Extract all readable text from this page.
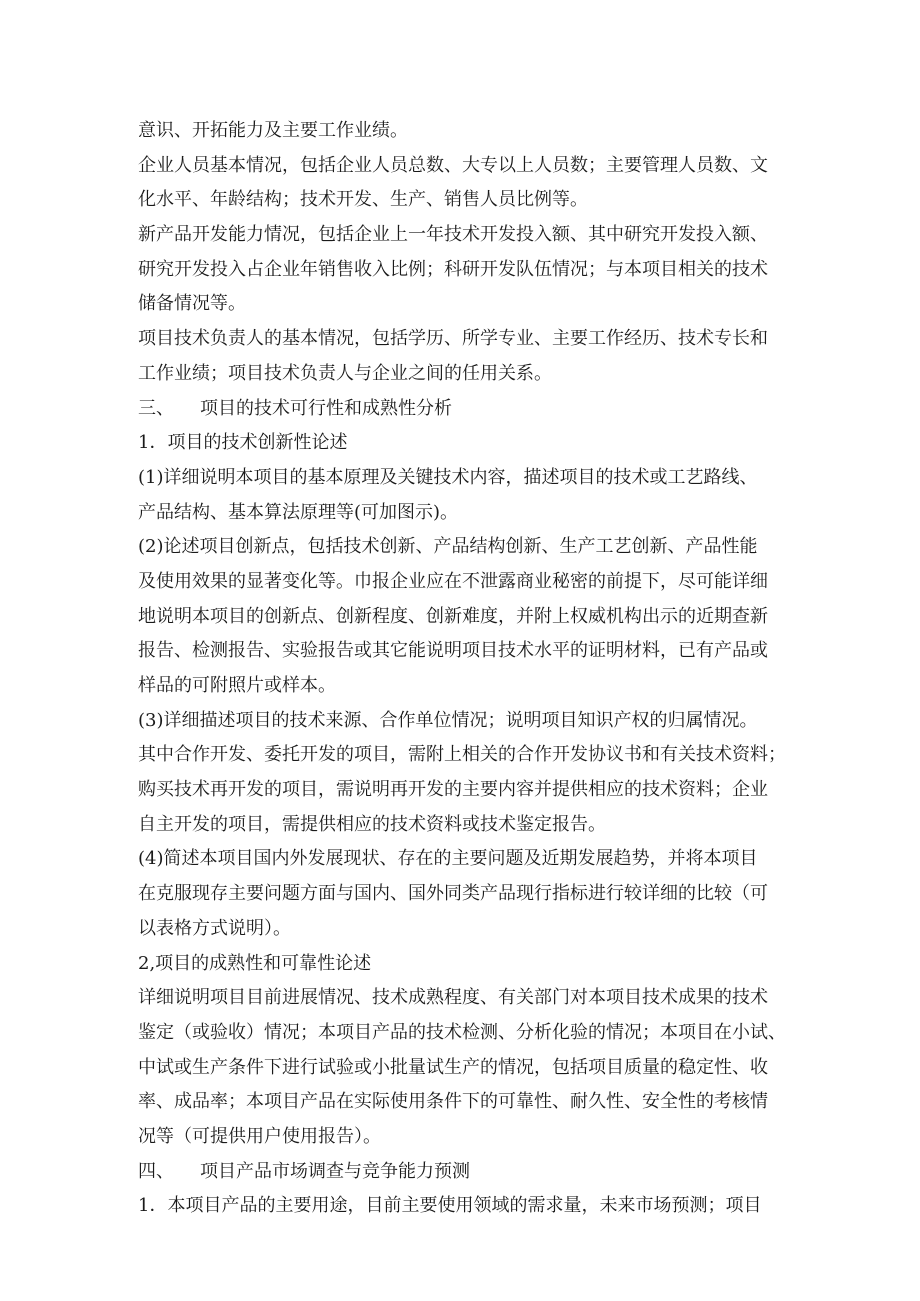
意识、开拓能力及主要工作业绩。
企业人员基本情况，包括企业人员总数、大专以上人员数；主要管理人员数、文
化水平、年龄结构；技术开发、生产、销售人员比例等。
新产品开发能力情况，包括企业上一年技术开发投入额、其中研究开发投入额、
研究开发投入占企业年销售收入比例；科研开发队伍情况；与本项目相关的技术
储备情况等。
项目技术负责人的基本情况，包括学历、所学专业、主要工作经历、技术专长和
工作业绩；项目技术负责人与企业之间的任用关系。
三、 项目的技术可行性和成熟性分析
1．项目的技术创新性论述
(1)详细说明本项目的基本原理及关键技术内容，描述项目的技术或工艺路线、
产品结构、基本算法原理等(可加图示)。
(2)论述项目创新点，包括技术创新、产品结构创新、生产工艺创新、产品性能
及使用效果的显著变化等。巾报企业应在不泄露商业秘密的前提下，尽可能详细
地说明本项目的创新点、创新程度、创新难度，并附上权威机构出示的近期查新
报告、检测报告、实验报告或其它能说明项目技术水平的证明材料，已有产品或
样品的可附照片或样本。
(3)详细描述项目的技术来源、合作单位情况；说明项目知识产权的归属情况。
其中合作开发、委托开发的项目，需附上相关的合作开发协议书和有关技术资料；
购买技术再开发的项目，需说明再开发的主要内容并提供相应的技术资料；企业
自主开发的项目，需提供相应的技术资料或技术鉴定报告。
(4)简述本项目国内外发展现状、存在的主要问题及近期发展趋势，并将本项目
在克服现存主要问题方面与国内、国外同类产品现行指标进行较详细的比较（可
以表格方式说明）。
2,项目的成熟性和可靠性论述
详细说明项目目前进展情况、技术成熟程度、有关部门对本项目技术成果的技术
鉴定（或验收）情况；本项目产品的技术检测、分析化验的情况；本项目在小试、
中试或生产条件下进行试验或小批量试生产的情况，包括项目质量的稳定性、收
率、成品率；本项目产品在实际使用条件下的可靠性、耐久性、安全性的考核情
况等（可提供用户使用报告）。
四、 项目产品市场调查与竞争能力预测
1．本项目产品的主要用途，目前主要使用领域的需求量，未来市场预测；项目
